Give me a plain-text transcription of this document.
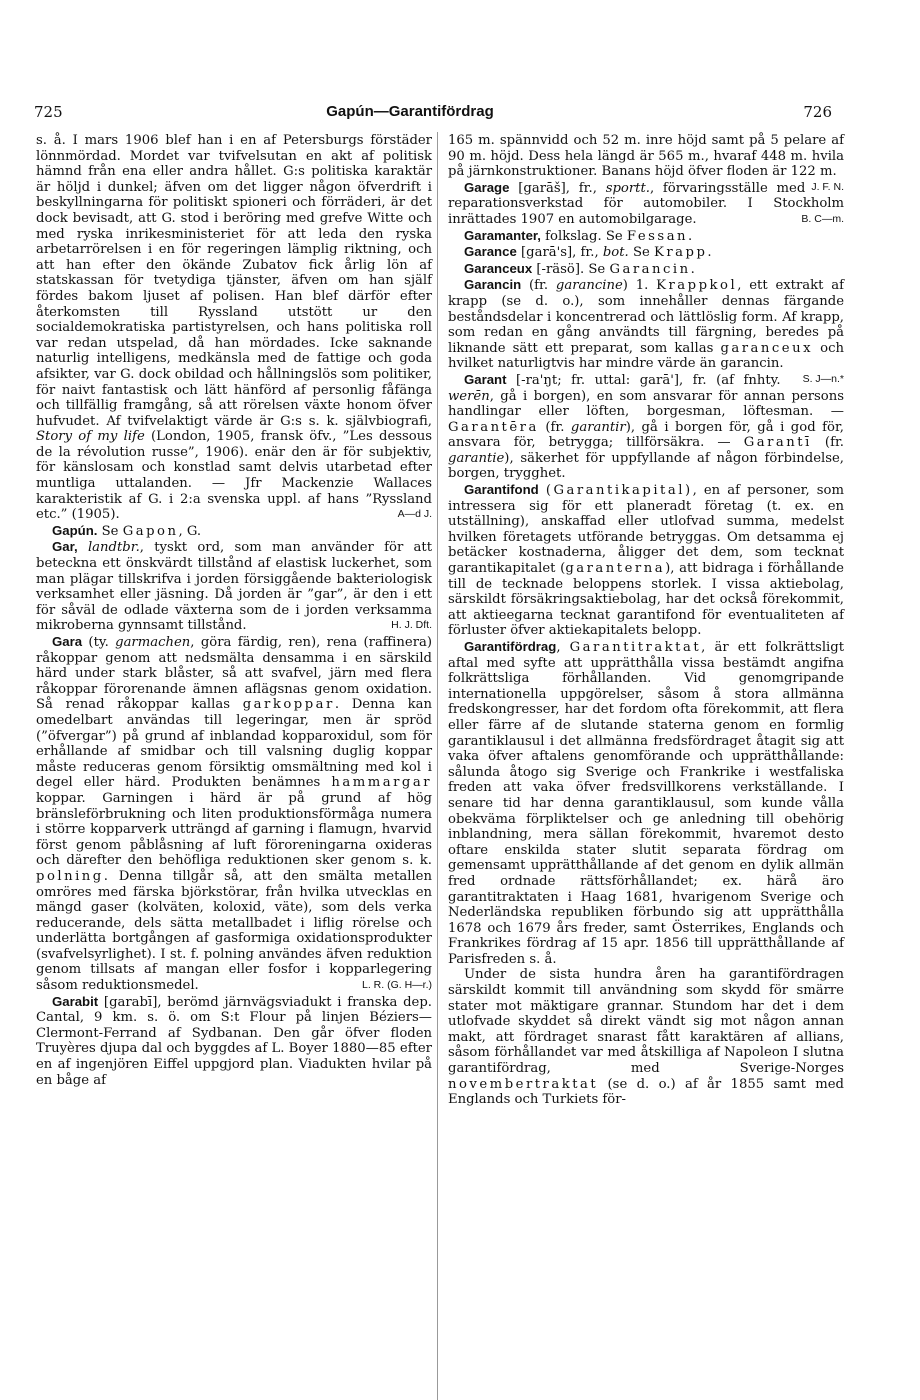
725	Gapún—Garantifördrag	726

s. å. I mars 1906 blef han i en af Petersburgs förstäder lönnmördad. Mordet var tvifvelsutan en akt af politisk hämnd från ena eller andra hållet. G:s politiska karaktär är höljd i dunkel; äfven om det ligger någon öfverdrift i beskyllningarna för politiskt spioneri och förräderi, är det dock bevisadt, att G. stod i beröring med grefve Witte och med ryska inrikesministeriet för att leda den ryska arbetarrörelsen i en för regeringen lämplig riktning, och att han efter den ökände Zubatov fick årlig lön af statskassan för tvetydiga tjänster, äfven om han själf fördes bakom ljuset af polisen. Han blef därför efter återkomsten till Ryssland utstött ur den socialdemokratiska partistyrelsen, och hans politiska roll var redan utspelad, då han mördades. Icke saknande naturlig intelligens, medkänsla med de fattige och goda afsikter, var G. dock obildad och hållningslös som politiker, för naivt fantastisk och lätt hänförd af personlig fåfänga och tillfällig framgång, så att rörelsen växte honom öfver hufvudet. Af tvifvelaktigt värde är G:s s. k. självbiografi, Story of my life (London, 1905, fransk öfv., ”Les dessous de la révolution russe”, 1906). enär den är för subjektiv, för känslosam och konstlad samt delvis utarbetad efter muntliga uttalanden. — Jfr Mackenzie Wallaces karakteristik af G. i 2:a svenska uppl. af hans ”Ryssland etc.” (1905).	A—d J.

Gapún. Se Gapon, G.

Gar, landtbr., tyskt ord, som man använder för att beteckna ett önskvärdt tillstånd af elastisk luckerhet, som man plägar tillskrifva i jorden försiggående bakteriologisk verksamhet eller jäsning. Då jorden är ”gar”, är den i ett för såväl de odlade växterna som de i jorden verksamma mikroberna gynnsamt tillstånd.	H. J. Dft.

Gara (ty. garmachen, göra färdig, ren), rena (raffinera) råkoppar genom att nedsmälta densamma i en särskild härd under stark blåster, så att svafvel, järn med flera råkoppar förorenande ämnen aflägsnas genom oxidation. Så renad råkoppar kallas garkoppar. Denna kan omedelbart användas till legeringar, men är spröd (”öfvergar”) på grund af inblandad kopparoxidul, som för erhållande af smidbar och till valsning duglig koppar måste reduceras genom försiktig omsmältning med kol i degel eller härd. Produkten benämnes hammargar koppar. Garningen i härd är på grund af hög bränsleförbrukning och liten produktionsförmåga numera i större kopparverk utträngd af garning i flamugn, hvarvid först genom påblåsning af luft föroreningarna oxideras och därefter den behöfliga reduktionen sker genom s. k. polning. Denna tillgår så, att den smälta metallen omröres med färska björkstörar, från hvilka utvecklas en mängd gaser (kolväten, koloxid, väte), som dels verka reducerande, dels sätta metallbadet i liflig rörelse och underlätta bortgången af gasformiga oxidationsprodukter (svafvelsyrlighet). I st. f. polning användes äfven reduktion genom tillsats af mangan eller fosfor i kopparlegering såsom reduktionsmedel.	L. R. (G. H—r.)

Garabit [garabī], berömd järnvägsviadukt i franska dep. Cantal, 9 km. s. ö. om S:t Flour på linjen Béziers—Clermont-Ferrand af Sydbanan. Den går öfver floden Truyères djupa dal och byggdes af L. Boyer 1880—85 efter en af ingenjören Eiffel uppgjord plan. Viadukten hvilar på en båge af

165 m. spännvidd och 52 m. inre höjd samt på 5 pelare af 90 m. höjd. Dess hela längd är 565 m., hvaraf 448 m. hvila på järnkonstruktioner. Banans höjd öfver floden är 122 m.
J. F. N.

Garage [garāš], fr., sportt., förvaringsställe med reparationsverkstad för automobiler. I Stockholm inrättades 1907 en automobilgarage.	B. C—m.

Garamanter, folkslag. Se Fessan.

Garance [garā's], fr., bot. Se Krapp.

Garanceux [-räsö]. Se Garancin.

Garancin (fr. garancine) 1. Krappkol, ett extrakt af krapp (se d. o.), som innehåller dennas färgande beståndsdelar i koncentrerad och lättlöslig form. Af krapp, som redan en gång användts till färgning, beredes på liknande sätt ett preparat, som kallas garanceux och hvilket naturligtvis har mindre värde än garancin.
S. J—n.*

Garant [-ra'ŋt; fr. uttal: garā'], fr. (af fnhty. werēn, gå i borgen), en som ansvarar för annan persons handlingar eller löften, borgesman, löftesman. — Garantēra (fr. garantir), gå i borgen för, gå i god för, ansvara för, betrygga; tillförsäkra. — Garantī (fr. garantie), säkerhet för uppfyllande af någon förbindelse, borgen, trygghet.

Garantifond (Garantikapital), en af personer, som intressera sig för ett planeradt företag (t. ex. en utställning), anskaffad eller utlofvad summa, medelst hvilken företagets utförande betryggas. Om detsamma ej betäcker kostnaderna, åligger det dem, som tecknat garantikapitalet (garanterna), att bidraga i förhållande till de tecknade beloppens storlek. I vissa aktiebolag, särskildt försäkringsaktiebolag, har det också förekommit, att aktieegarna tecknat garantifond för eventualiteten af förluster öfver aktiekapitalets belopp.

Garantifördrag, Garantitraktat, är ett folkrättsligt aftal med syfte att upprätthålla vissa bestämdt angifna folkrättsliga förhållanden. Vid genomgripande internationella uppgörelser, såsom å stora allmänna fredskongresser, har det fordom ofta förekommit, att flera eller färre af de slutande staterna genom en formlig garantiklausul i det allmänna fredsfördraget åtagit sig att vaka öfver aftalens genomförande och upprätthållande: sålunda åtogo sig Sverige och Frankrike i westfaliska freden att vaka öfver fredsvillkorens verkställande. I senare tid har denna garantiklausul, som kunde vålla obekväma förpliktelser och ge anledning till obehörig inblandning, mera sällan förekommit, hvaremot desto oftare enskilda stater slutit separata fördrag om gemensamt upprätthållande af det genom en dylik allmän fred ordnade rättsförhållandet; ex. härå äro garantitraktaten i Haag 1681, hvarigenom Sverige och Nederländska republiken förbundo sig att upprätthålla 1678 och 1679 års freder, samt Österrikes, Englands och Frankrikes fördrag af 15 apr. 1856 till upprätthållande af Parisfreden s. å.

Under de sista hundra åren ha garantifördragen särskildt kommit till användning som skydd för smärre stater mot mäktigare grannar. Stundom har det i dem utlofvade skyddet så direkt vändt sig mot någon annan makt, att fördraget snarast fått karaktären af allians, såsom förhållandet var med åtskilliga af Napoleon I slutna garantifördrag, med Sverige-Norges novembertraktat (se d. o.) af år 1855 samt med Englands och Turkiets för-
